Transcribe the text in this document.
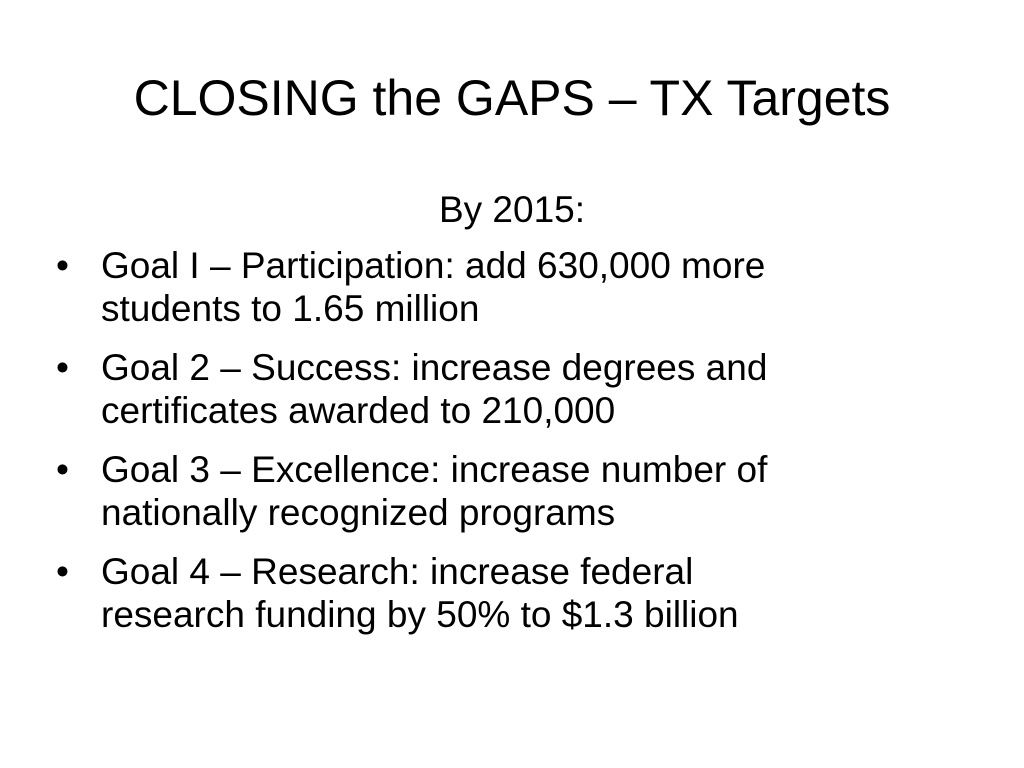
CLOSING the GAPS – TX Targets
By 2015:
• Goal I – Participation: add 630,000 more
students to 1.65 million
• Goal 2 – Success: increase degrees and
certificates awarded to 210,000
• Goal 3 – Excellence: increase number of
nationally recognized programs
• Goal 4 – Research: increase federal
research funding by 50% to $1.3 billion
